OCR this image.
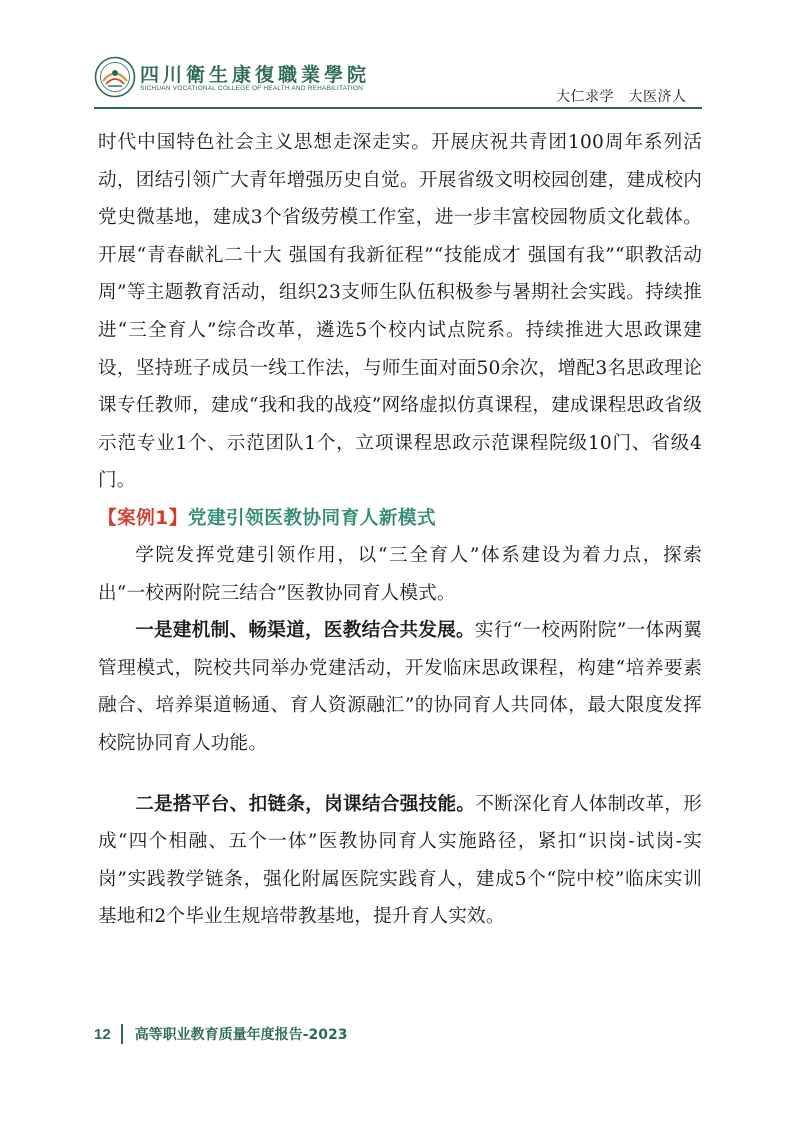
四川衛生康復職業學院
SICHUAN VOCATIONAL COLLEGE OF HEALTH AND REHABILITATION
大仁求学　大医济人

时代中国特色社会主义思想走深走实。开展庆祝共青团100周年系列活动，团结引领广大青年增强历史自觉。开展省级文明校园创建，建成校内党史微基地，建成3个省级劳模工作室，进一步丰富校园物质文化载体。开展“青春献礼二十大 强国有我新征程”“技能成才 强国有我”“职教活动周”等主题教育活动，组织23支师生队伍积极参与暑期社会实践。持续推进“三全育人”综合改革，遴选5个校内试点院系。持续推进大思政课建设，坚持班子成员一线工作法，与师生面对面50余次，增配3名思政理论课专任教师，建成“我和我的战疫”网络虚拟仿真课程，建成课程思政省级示范专业1个、示范团队1个，立项课程思政示范课程院级10门、省级4门。

【案例1】党建引领医教协同育人新模式

学院发挥党建引领作用，以“三全育人”体系建设为着力点，探索出“一校两附院三结合”医教协同育人模式。

一是建机制、畅渠道，医教结合共发展。实行“一校两附院”一体两翼管理模式，院校共同举办党建活动，开发临床思政课程，构建“培养要素融合、培养渠道畅通、育人资源融汇”的协同育人共同体，最大限度发挥校院协同育人功能。

二是搭平台、扣链条，岗课结合强技能。不断深化育人体制改革，形成“四个相融、五个一体”医教协同育人实施路径，紧扣“识岗-试岗-实岗”实践教学链条，强化附属医院实践育人，建成5个“院中校”临床实训基地和2个毕业生规培带教基地，提升育人实效。

12 高等职业教育质量年度报告-2023
